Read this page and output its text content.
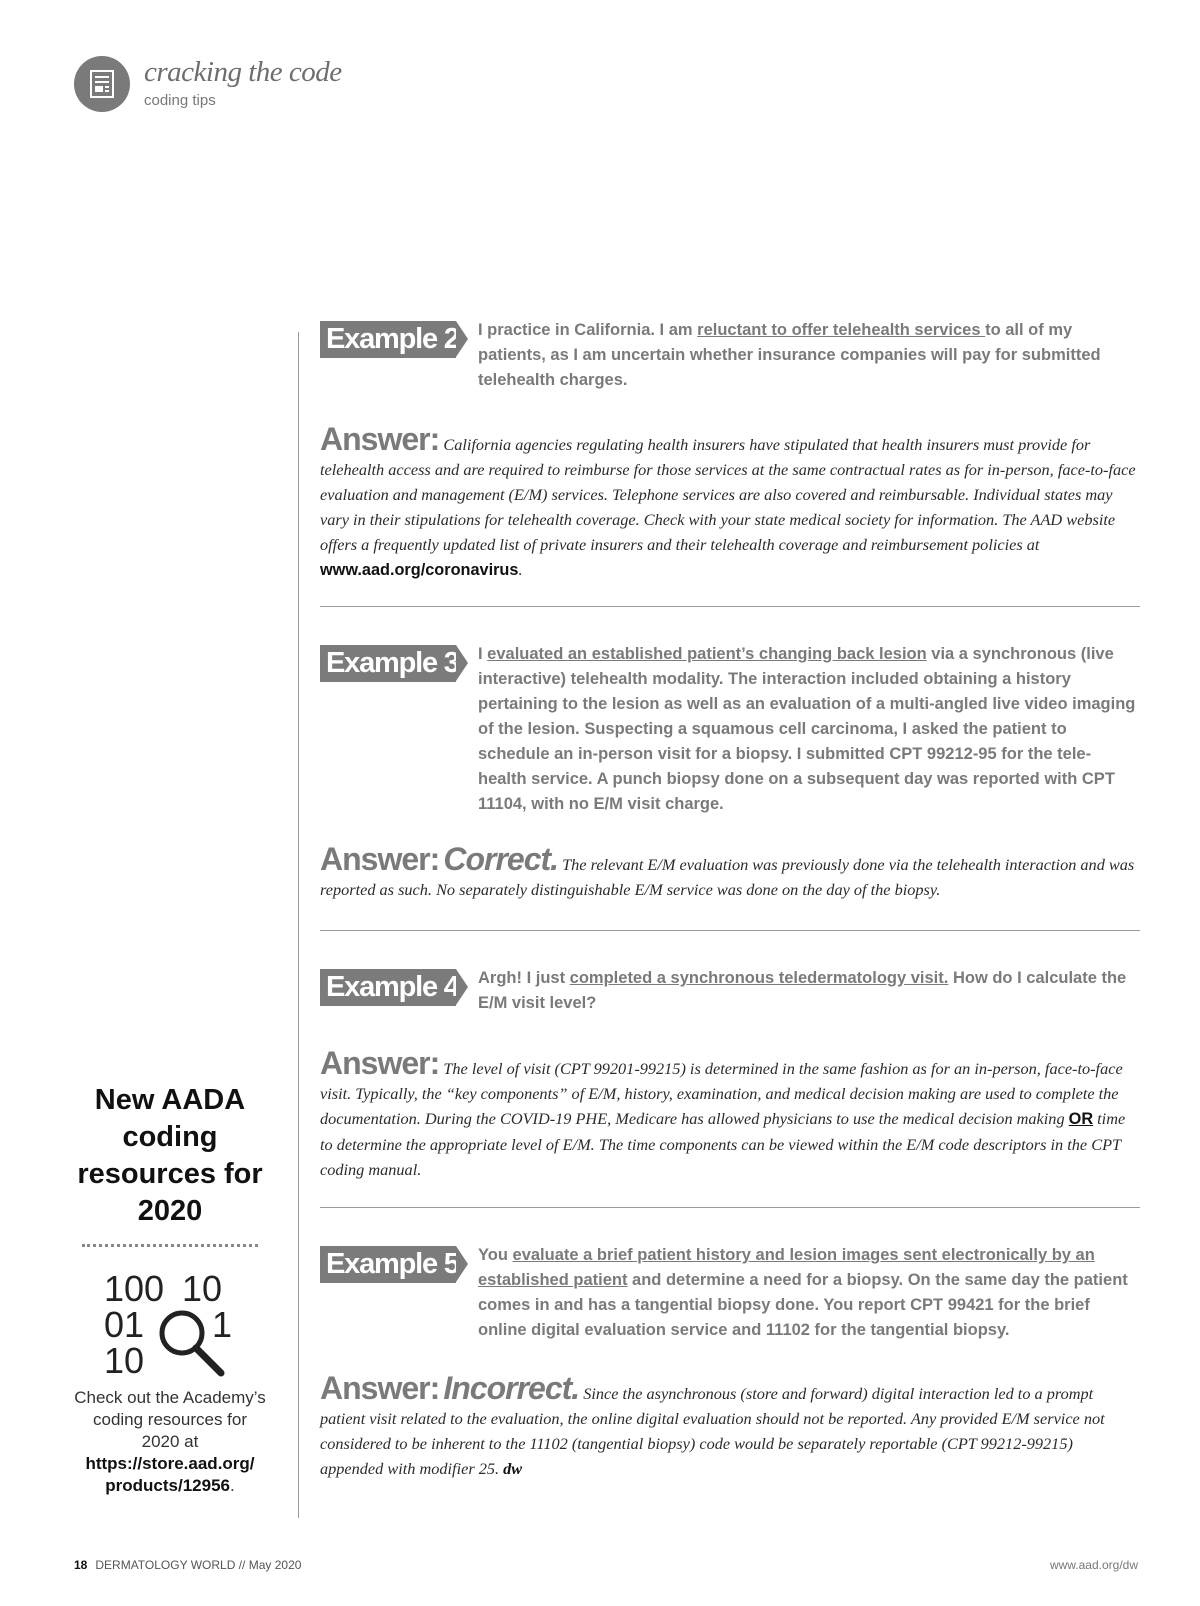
cracking the code
coding tips
Example 2 I practice in California. I am reluctant to offer telehealth services to all of my patients, as I am uncertain whether insurance companies will pay for submitted telehealth charges.
Answer: California agencies regulating health insurers have stipulated that health insurers must provide for telehealth access and are required to reimburse for those services at the same contractual rates as for in-person, face-to-face evaluation and management (E/M) services. Telephone services are also covered and reimbursable. Individual states may vary in their stipulations for telehealth coverage. Check with your state medical society for information. The AAD website offers a frequently updated list of private insurers and their telehealth coverage and reimbursement policies at www.aad.org/coronavirus.
Example 3 I evaluated an established patient’s changing back lesion via a synchronous (live interactive) telehealth modality. The interaction included obtaining a history pertaining to the lesion as well as an evaluation of a multi-angled live video imaging of the lesion. Suspecting a squamous cell carcinoma, I asked the patient to schedule an in-person visit for a biopsy. I submitted CPT 99212-95 for the tele-health service. A punch biopsy done on a subsequent day was reported with CPT 11104, with no E/M visit charge.
Answer: Correct. The relevant E/M evaluation was previously done via the telehealth interaction and was reported as such. No separately distinguishable E/M service was done on the day of the biopsy.
Example 4 Argh! I just completed a synchronous teledermatology visit. How do I calculate the E/M visit level?
Answer: The level of visit (CPT 99201-99215) is determined in the same fashion as for an in-person, face-to-face visit. Typically, the “key components” of E/M, history, examination, and medical decision making are used to complete the documentation. During the COVID-19 PHE, Medicare has allowed physicians to use the medical decision making OR time to determine the appropriate level of E/M. The time components can be viewed within the E/M code descriptors in the CPT coding manual.
Example 5 You evaluate a brief patient history and lesion images sent electronically by an established patient and determine a need for a biopsy. On the same day the patient comes in and has a tangential biopsy done. You report CPT 99421 for the brief online digital evaluation service and 11102 for the tangential biopsy.
Answer: Incorrect. Since the asynchronous (store and forward) digital interaction led to a prompt patient visit related to the evaluation, the online digital evaluation should not be reported. Any provided E/M service not considered to be inherent to the 11102 (tangential biopsy) code would be separately reportable (CPT 99212-99215) appended with modifier 25. dw
New AADA coding resources for 2020
100 10
01 1
10
Check out the Academy’s coding resources for 2020 at https://store.aad.org/ products/12956.
18 DERMATOLOGY WORLD // May 2020	www.aad.org/dw
